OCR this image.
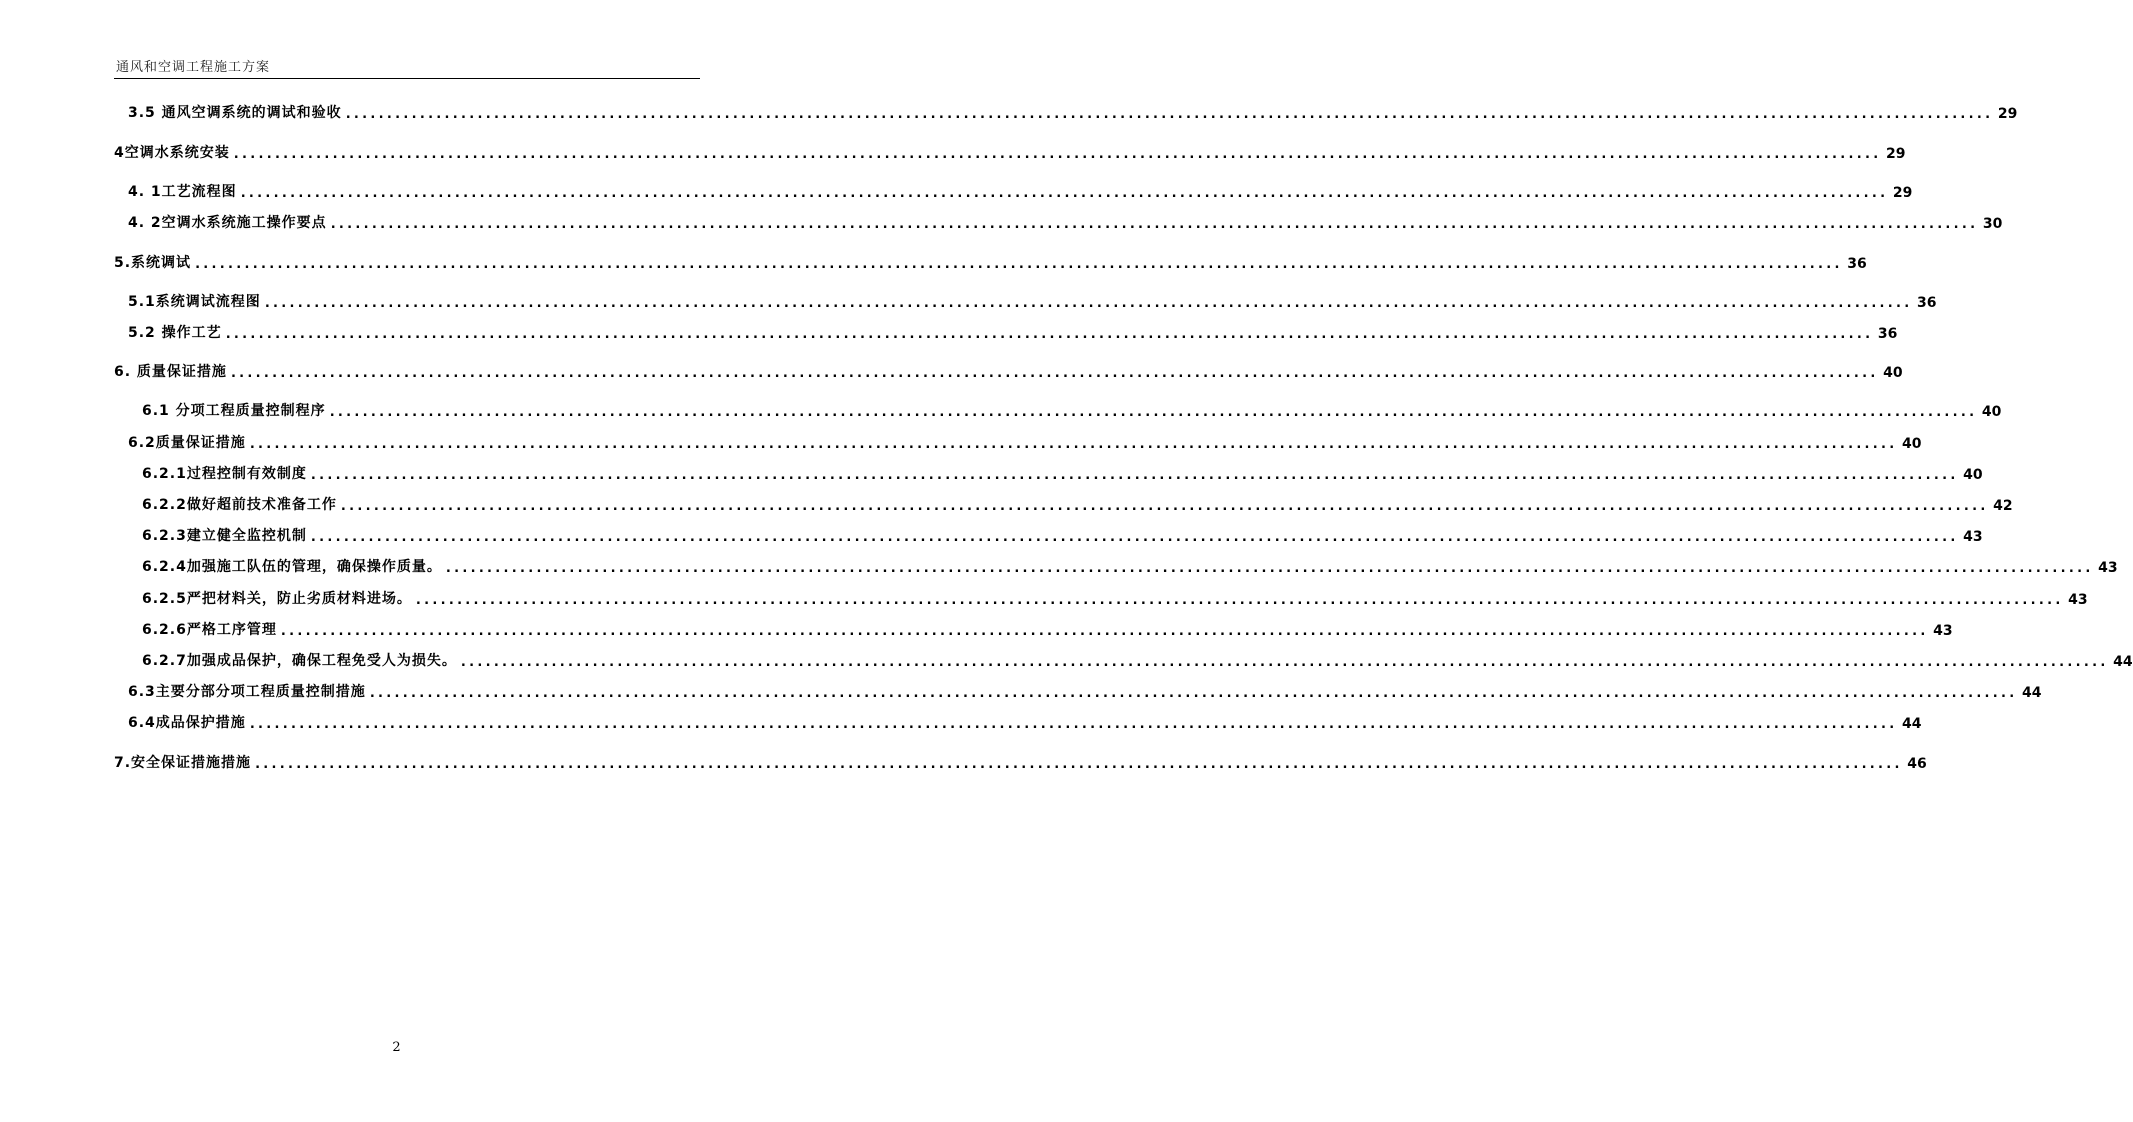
通风和空调工程施工方案
3.5 通风空调系统的调试和验收 ........................................................................................................................................................................................................ 29
4空调水系统安装 ........................................................................................................................................................................................................ 29
4. 1工艺流程图 ........................................................................................................................................................................................................ 29
4. 2空调水系统施工操作要点 ........................................................................................................................................................................................................ 30
5.系统调试 ........................................................................................................................................................................................................ 36
5.1系统调试流程图 ........................................................................................................................................................................................................ 36
5.2 操作工艺 ........................................................................................................................................................................................................ 36
6. 质量保证措施 ........................................................................................................................................................................................................ 40
6.1 分项工程质量控制程序 ........................................................................................................................................................................................................ 40
6.2质量保证措施 ........................................................................................................................................................................................................ 40
6.2.1过程控制有效制度 ........................................................................................................................................................................................................ 40
6.2.2做好超前技术准备工作 ........................................................................................................................................................................................................ 42
6.2.3建立健全监控机制 ........................................................................................................................................................................................................ 43
6.2.4加强施工队伍的管理，确保操作质量。 ........................................................................................................................................................................................................ 43
6.2.5严把材料关，防止劣质材料进场。 ........................................................................................................................................................................................................ 43
6.2.6严格工序管理 ........................................................................................................................................................................................................ 43
6.2.7加强成品保护，确保工程免受人为损失。 ........................................................................................................................................................................................................ 44
6.3主要分部分项工程质量控制措施 ........................................................................................................................................................................................................ 44
6.4成品保护措施 ........................................................................................................................................................................................................ 44
7.安全保证措施措施 ........................................................................................................................................................................................................ 46
2
